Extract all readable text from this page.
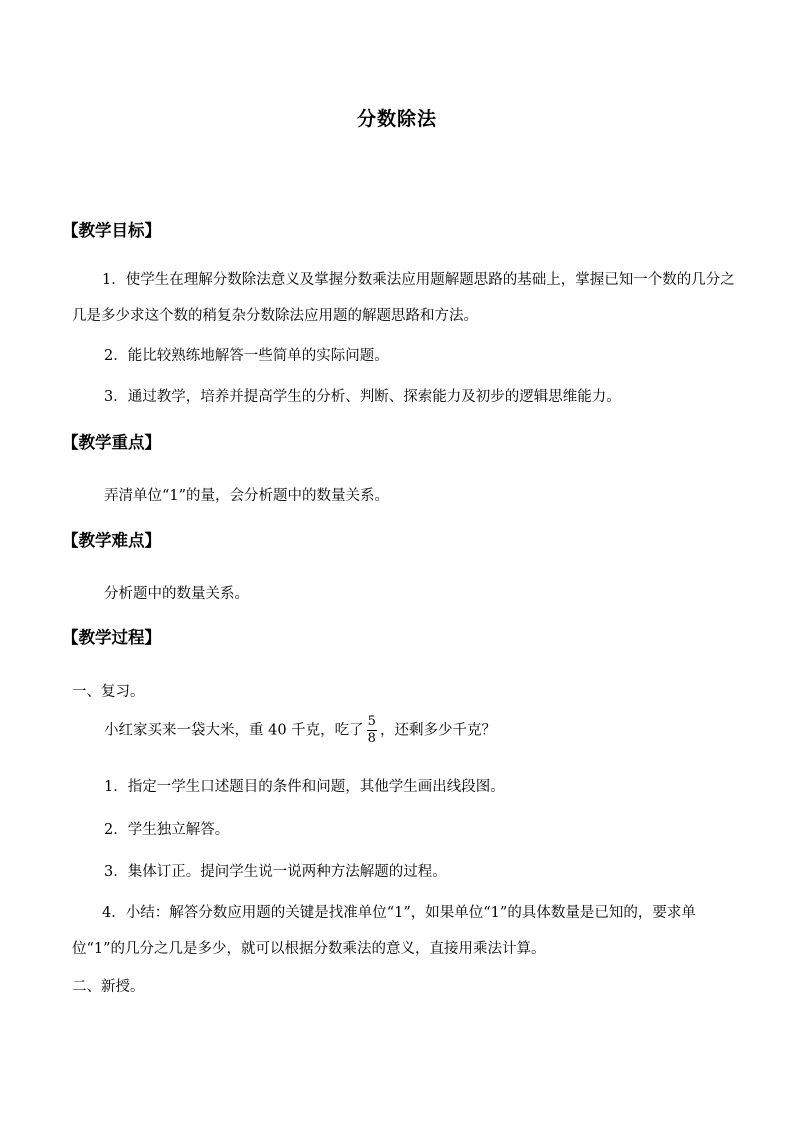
分数除法
【教学目标】
1．使学生在理解分数除法意义及掌握分数乘法应用题解题思路的基础上，掌握已知一个数的几分之几是多少求这个数的稍复杂分数除法应用题的解题思路和方法。
2．能比较熟练地解答一些简单的实际问题。
3．通过教学，培养并提高学生的分析、判断、探索能力及初步的逻辑思维能力。
【教学重点】
弄清单位“1”的量，会分析题中的数量关系。
【教学难点】
分析题中的数量关系。
【教学过程】
一、复习。
小红家买来一袋大米，重 40 千克，吃了 $\frac{5}{8}$ ，还剩多少千克？
1．指定一学生口述题目的条件和问题，其他学生画出线段图。
2．学生独立解答。
3．集体订正。提问学生说一说两种方法解题的过程。
4．小结：解答分数应用题的关键是找准单位“1”，如果单位“1”的具体数量是已知的，要求单位“1”的几分之几是多少，就可以根据分数乘法的意义，直接用乘法计算。
二、新授。
